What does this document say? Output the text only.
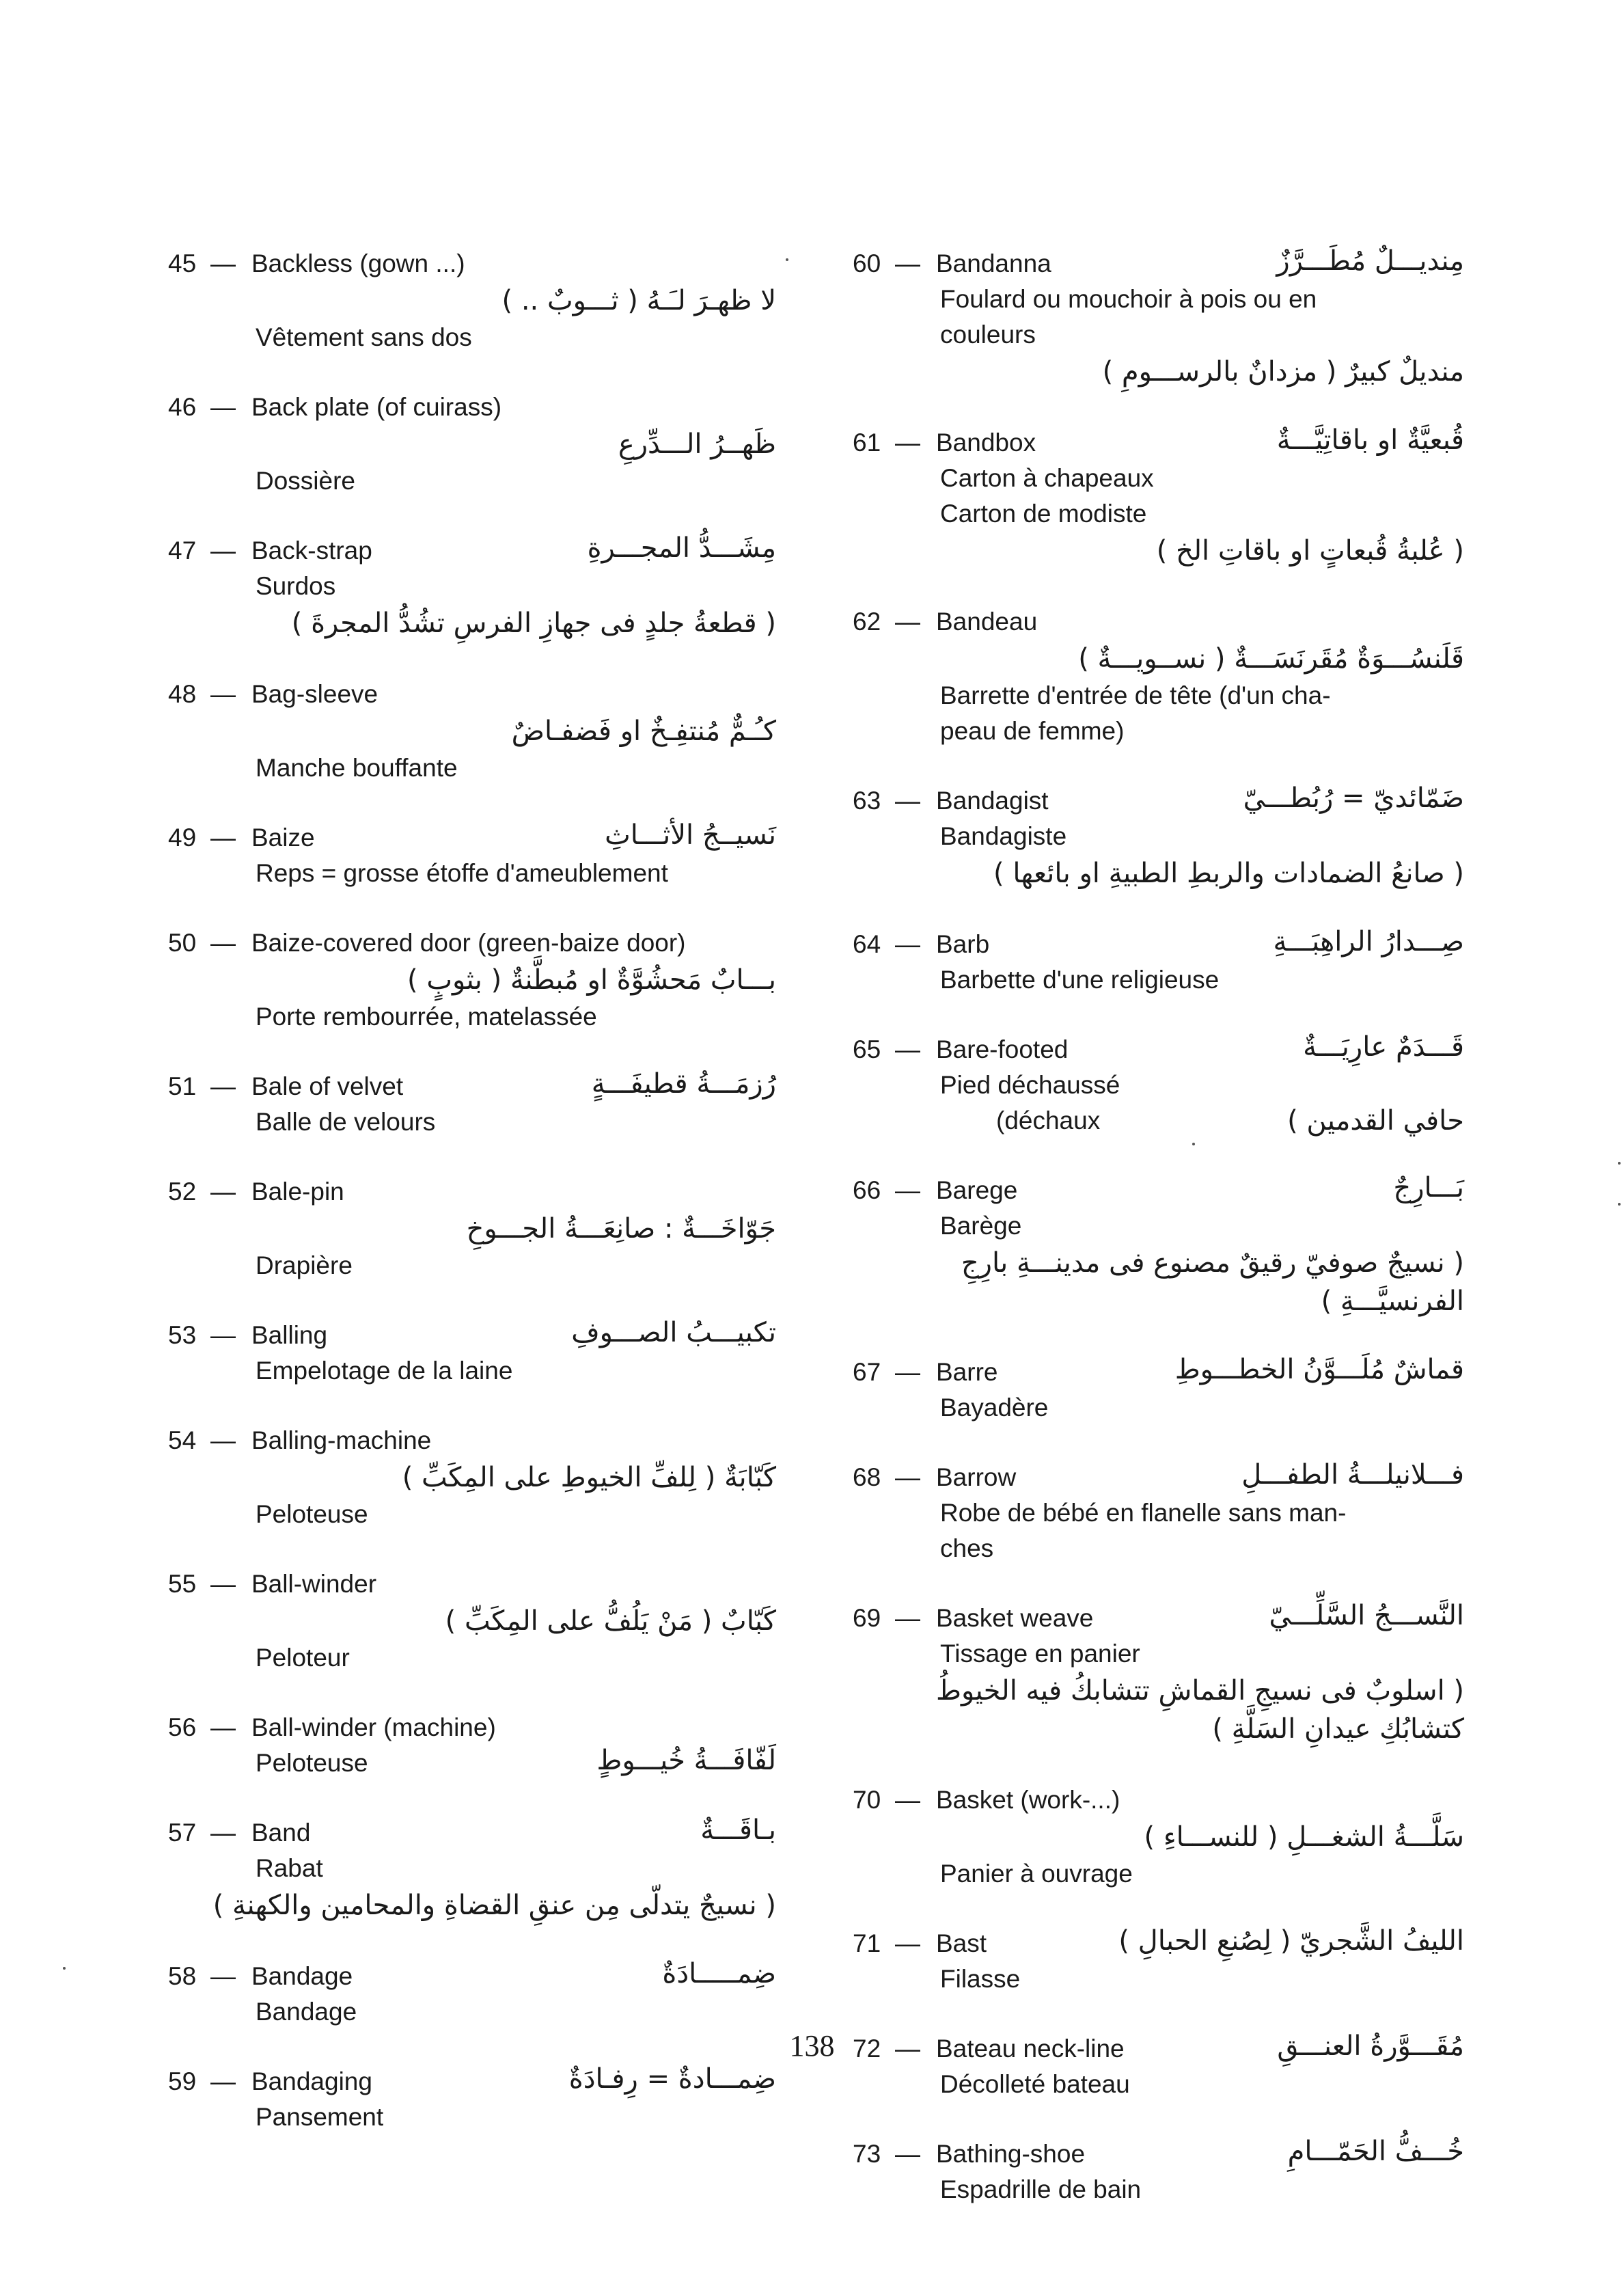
45 — Backless (gown ...)
لا ظهـرَ لـَـهُ ( ثـــوبٌ .. )
Vêtement sans dos
46 — Back plate (of cuirass)
ظَهــرُ الـــدِّرعِ
Dossière
47 — Back-strap	مِشَـــدُّ المجـــرةِ
Surdos
( قطعةُ جلدٍ فى جهازِ الفرسِ تشُدُّ المجرةَ )
48 — Bag-sleeve
كـُـمٌّ مُنتفِـخٌ او فَضفـاضٌ
Manche bouffante
49 — Baize	نَسيــجُ الأثـــاثِ
Reps = grosse étoffe d'ameublement
50 — Baize-covered door (green-baize door)
بـــابٌ مَحشُوَّةٌ او مُبطَّنةٌ ( بثوبٍ )
Porte rembourrée, matelassée
51 — Bale of velvet	رُزمَـــةُ قطيفَـــةٍ
Balle de velours
52 — Bale-pin
جَوّاخَـــةٌ : صانِعَـــةُ الجـــوخِ
Drapière
53 — Balling	تكبيـــبُ الصـــوفِ
Empelotage de la laine
54 — Balling-machine
كَبّابَةٌ ( لِلفِّ الخيوطِ على المِكَبِّ )
Peloteuse
55 — Ball-winder
كَبّابٌ ( مَنْ يَلُفُّ على المِكَبِّ )
Peloteur
56 — Ball-winder (machine)
Peloteuse	لَفّافَـــةُ خُيـــوطٍ
57 — Band	بـاقَـــةٌ
Rabat
( نسيجٌ يتدلّى مِن عنقِ القضاةِ والمحامين والكهنةِ )
58 — Bandage	ضِمـــــادَةٌ
Bandage
59 — Bandaging	ضِمـــادةٌ = رِفـادَةٌ
Pansement
60 — Bandanna	مِنديـــلٌ مُطَـــرَّزٌ
Foulard ou mouchoir à pois ou en
couleurs
منديلٌ كبيرٌ ( مزدانٌ بالرســـومِ )
61 — Bandbox	قُبعيَّةٌ او باقاتِيَّـــةٌ
Carton à chapeaux
Carton de modiste
( عُلبةُ قُبعاتٍ او باقاتِ الخ )
62 — Bandeau
قَلَنسُـــوَةٌ مُقَرنَسَـــةٌ ( نســويـــةٌ )
Barrette d'entrée de tête (d'un cha-
peau de femme)
63 — Bandagist	ضَمّائديّ = رُبُطـــيّ
Bandagiste
( صانعُ الضمادات والربطِ الطبيةِ او بائعها )
64 — Barb	صِـــدارُ الراهِبَـــةِ
Barbette d'une religieuse
65 — Bare-footed	قَـــدَمٌ عارِيَـــةٌ
Pied déchaussé
(déchaux	حافي القدمين )
66 — Barege	بَـــارِجٌ
Barège
( نسيجٌ صوفيّ رقيقٌ مصنوع فى مدينـــةِ بارِجِ
الفرنسيَّـــةِ )
67 — Barre	قماشٌ مُلَـــوَّنُ الخطـــوطِ
Bayadère
68 — Barrow	فـــلانيلـــةُ الطفـــلِ
Robe de bébé en flanelle sans man-
ches
69 — Basket weave	النَّســـجُ السَّلِّـــيّ
Tissage en panier
( اسلوبٌ فى نسيجِ القماشِ تتشابكُ فيه الخيوطُ
كتشابُكِ عيدانِ السَلَّةِ )
70 — Basket (work-...)
سَلَّـــةُ الشغـــلِ ( للنســـاءِ )
Panier à ouvrage
71 — Bast	الليفُ الشَّجريّ ( لِصُنعِ الحبالِ )
Filasse
72 — Bateau neck-line	مُقَـــوَّرةُ العنـــقِ
Décolleté bateau
73 — Bathing-shoe	خُـــفُّ الحَمّـــامِ
Espadrille de bain
138
